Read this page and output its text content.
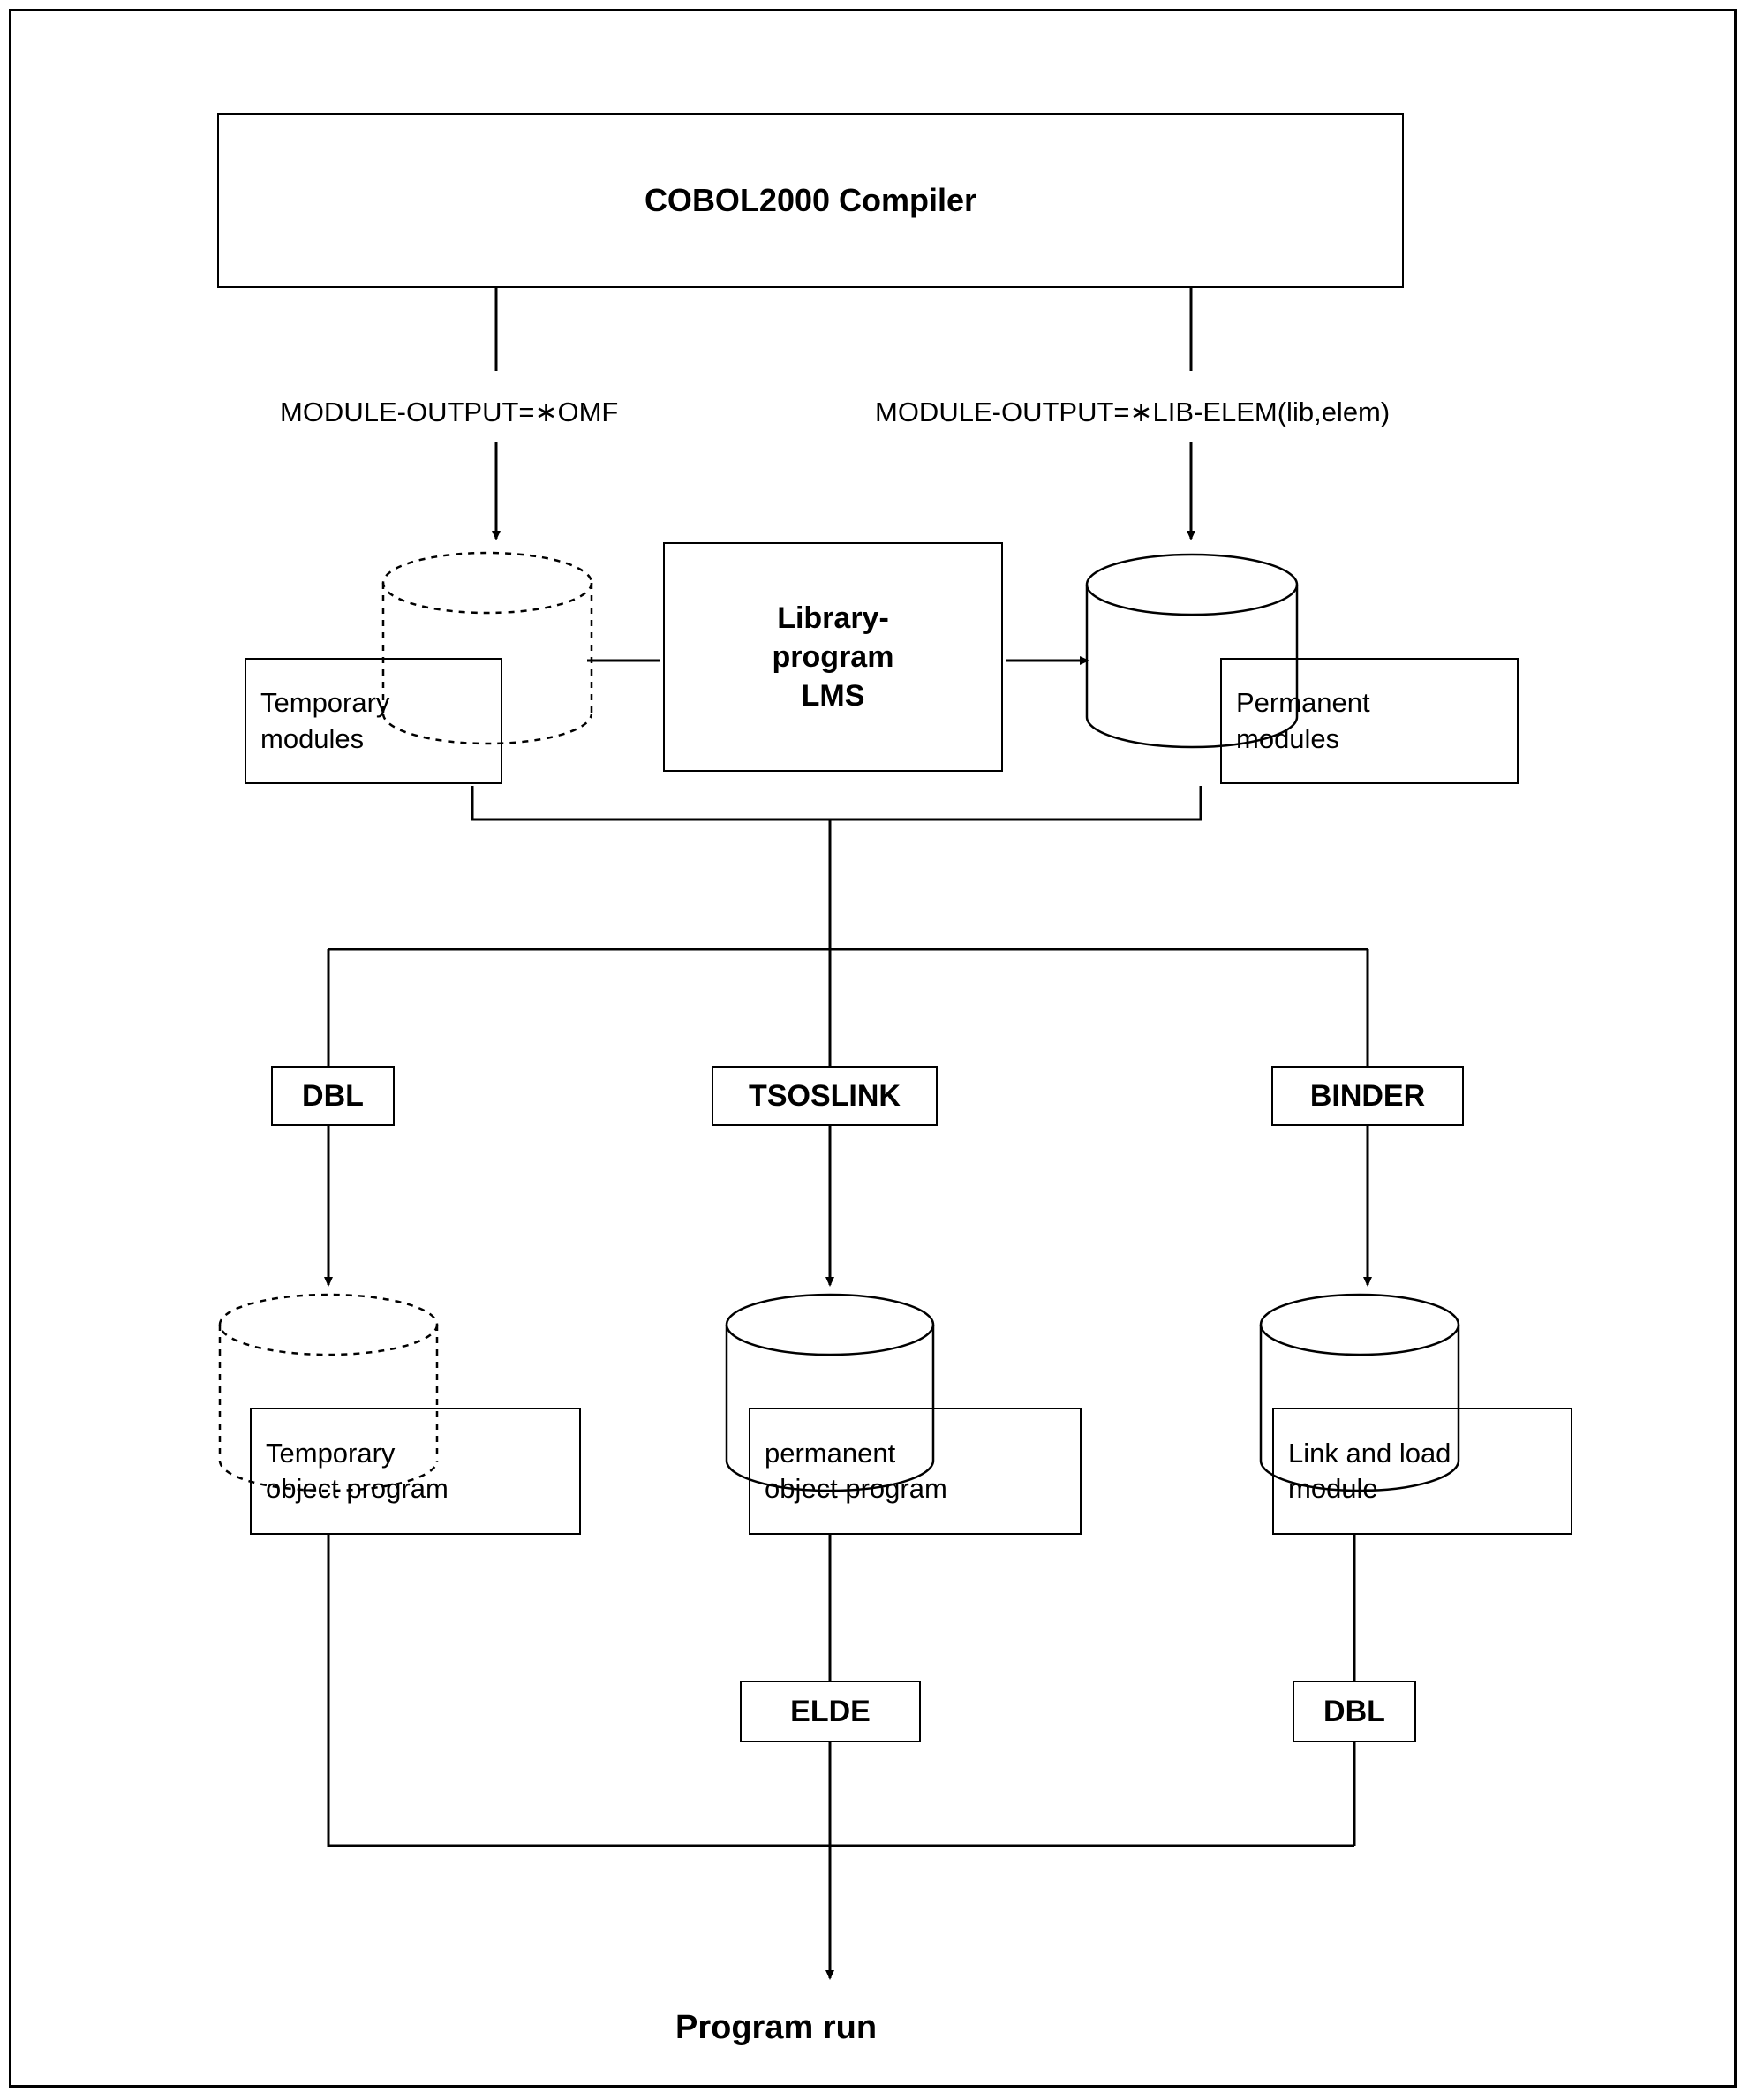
COBOL2000 Compiler
MODULE-OUTPUT=∗OMF	MODULE-OUTPUT=∗LIB-ELEM(lib,elem)
Library-
program
LMS
Temporary
modules
Permanent
modules
DBL	TSOSLINK	BINDER
Temporary
object program
permanent
object program
Link and load
module
ELDE	DBL
Program run
